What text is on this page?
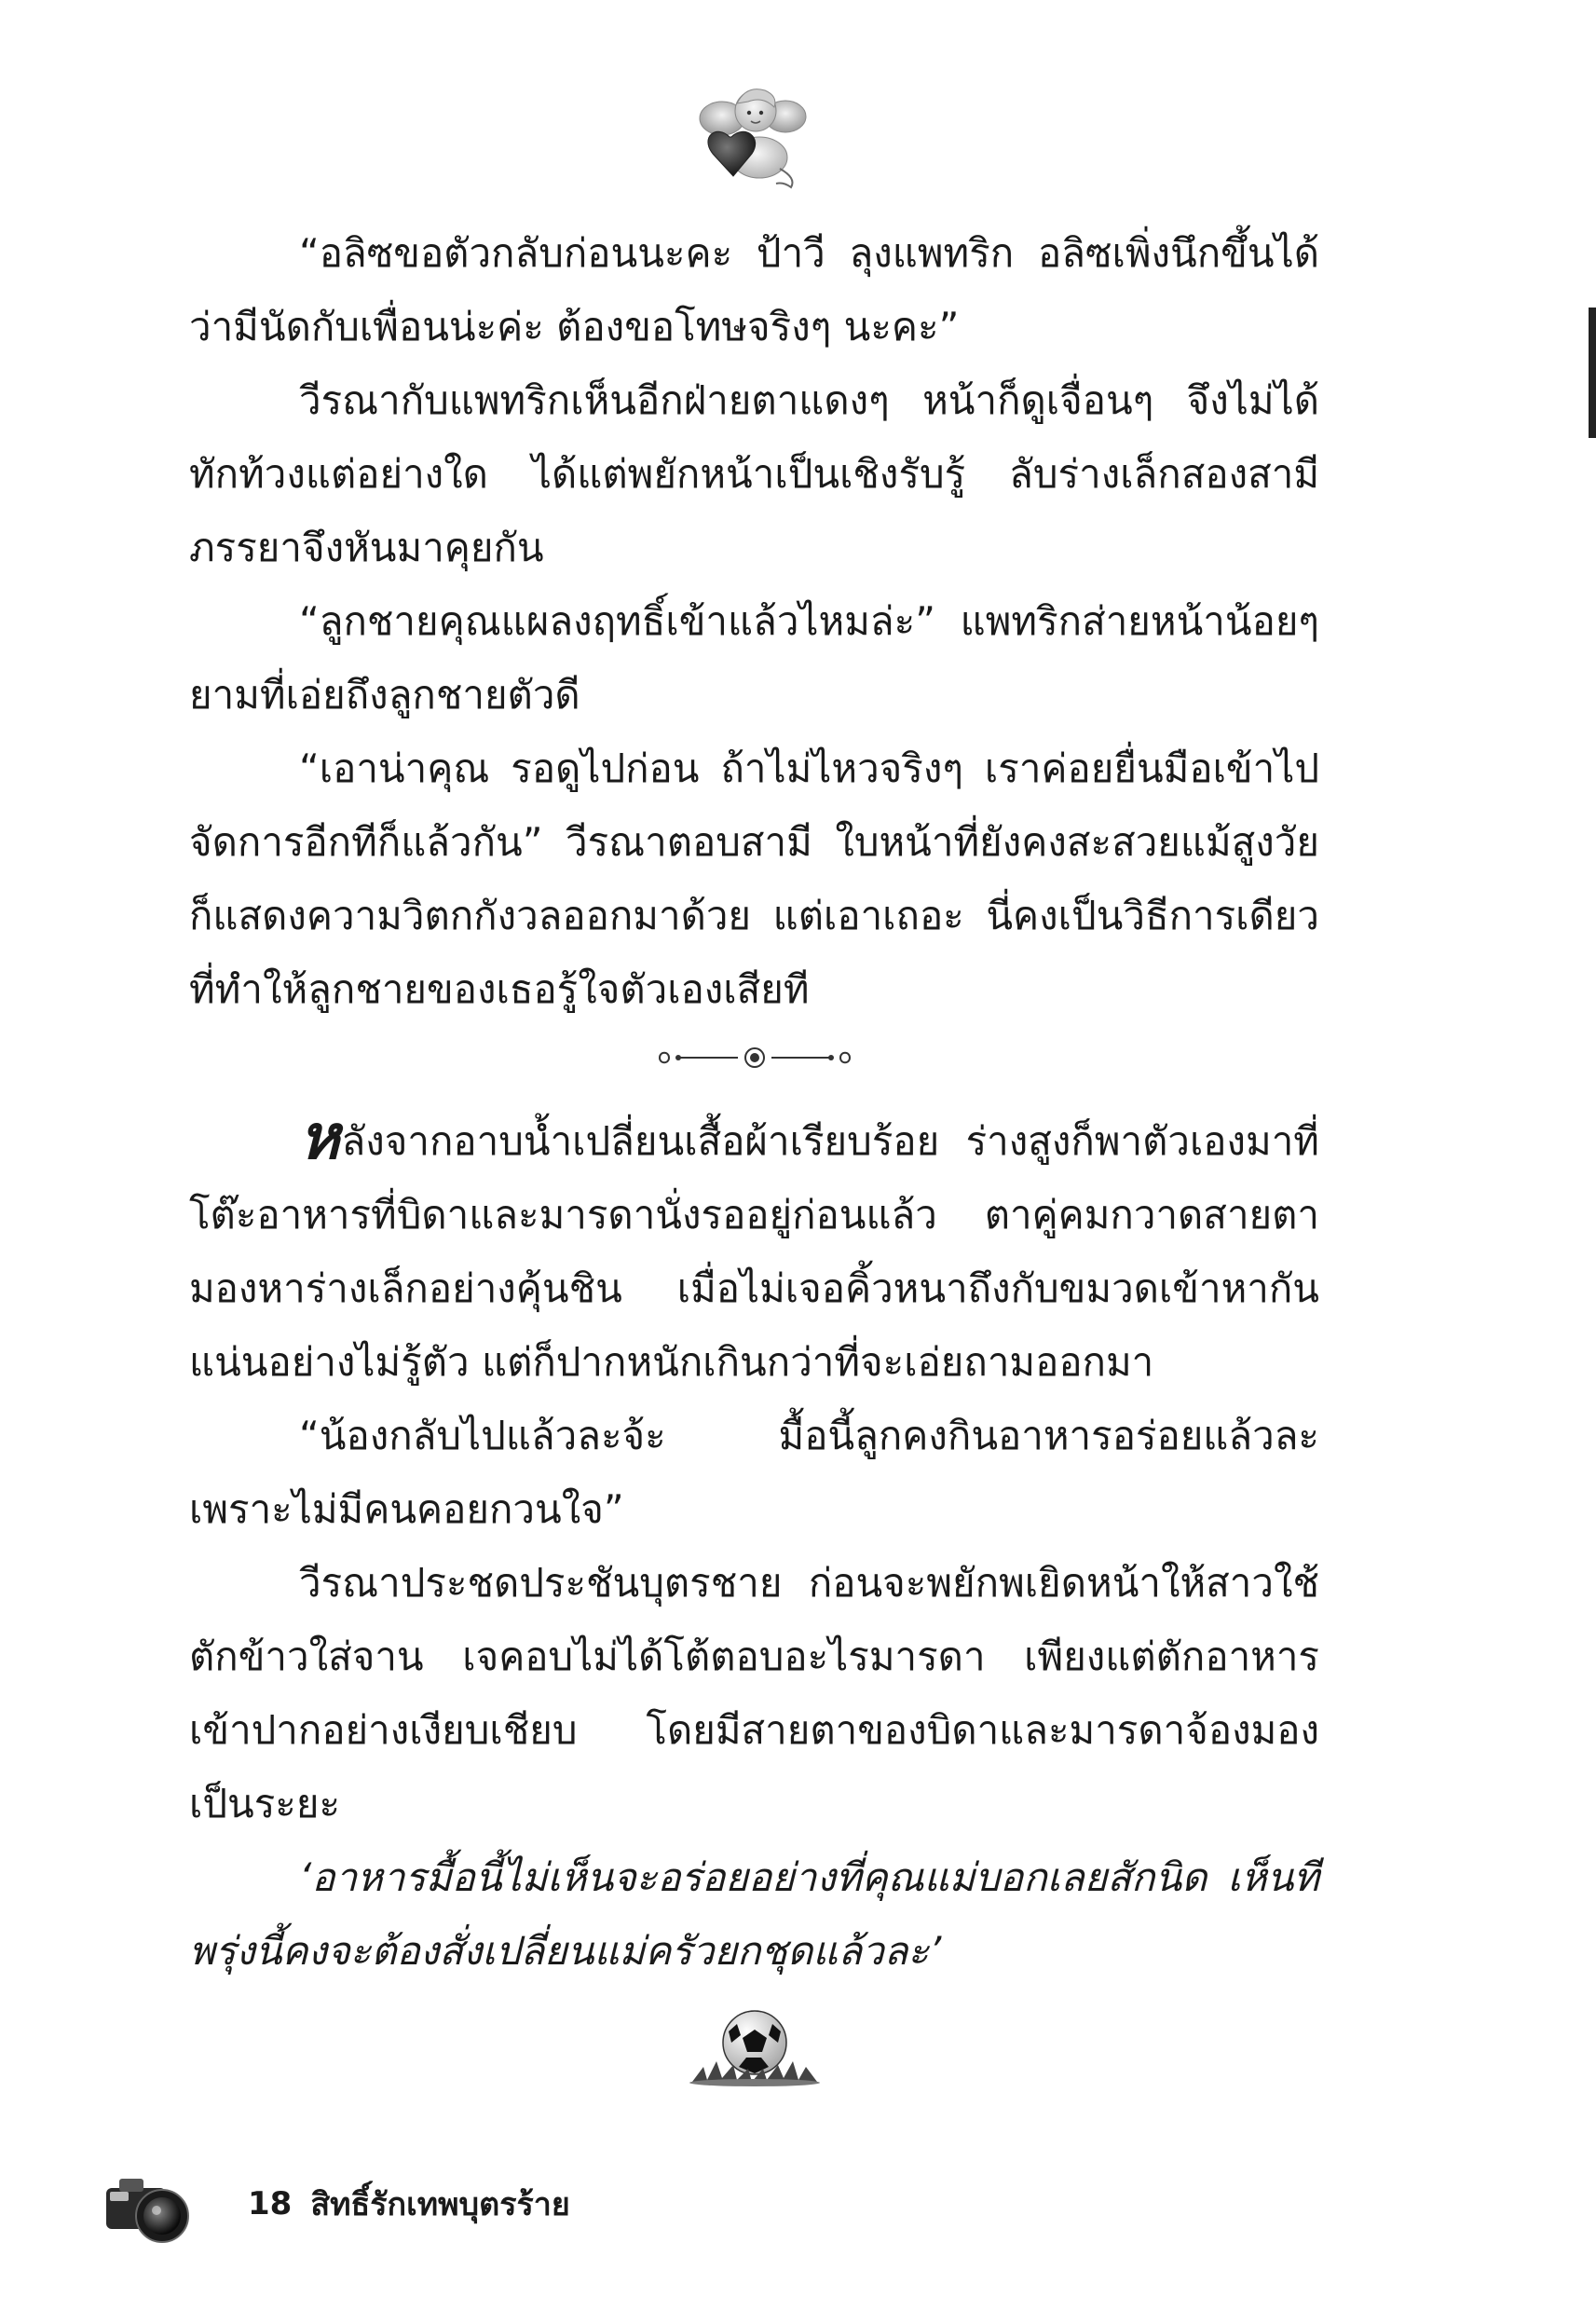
“อลิซขอตัวกลับก่อนนะคะ ป้าวี ลุงแพทริก อลิซเพิ่งนึกขึ้นได้ว่ามีนัดกับเพื่อนน่ะค่ะ ต้องขอโทษจริงๆ นะคะ”

วีรณากับแพทริกเห็นอีกฝ่ายตาแดงๆ หน้าก็ดูเจื่อนๆ จึงไม่ได้ทักท้วงแต่อย่างใด ได้แต่พยักหน้าเป็นเชิงรับรู้ ลับร่างเล็กสองสามีภรรยาจึงหันมาคุยกัน

“ลูกชายคุณแผลงฤทธิ์เข้าแล้วไหมล่ะ” แพทริกส่ายหน้าน้อยๆ ยามที่เอ่ยถึงลูกชายตัวดี

“เอาน่าคุณ รอดูไปก่อน ถ้าไม่ไหวจริงๆ เราค่อยยื่นมือเข้าไปจัดการอีกทีก็แล้วกัน” วีรณาตอบสามี ใบหน้าที่ยังคงสะสวยแม้สูงวัยก็แสดงความวิตกกังวลออกมาด้วย แต่เอาเถอะ นี่คงเป็นวิธีการเดียวที่ทำให้ลูกชายของเธอรู้ใจตัวเองเสียที

หลังจากอาบน้ำเปลี่ยนเสื้อผ้าเรียบร้อย ร่างสูงก็พาตัวเองมาที่โต๊ะอาหารที่บิดาและมารดานั่งรออยู่ก่อนแล้ว ตาคู่คมกวาดสายตามองหาร่างเล็กอย่างคุ้นชิน เมื่อไม่เจอคิ้วหนาถึงกับขมวดเข้าหากันแน่นอย่างไม่รู้ตัว แต่ก็ปากหนักเกินกว่าที่จะเอ่ยถามออกมา

“น้องกลับไปแล้วละจ้ะ มื้อนี้ลูกคงกินอาหารอร่อยแล้วละ เพราะไม่มีคนคอยกวนใจ”

วีรณาประชดประชันบุตรชาย ก่อนจะพยักพเยิดหน้าให้สาวใช้ตักข้าวใส่จาน เจคอบไม่ได้โต้ตอบอะไรมารดา เพียงแต่ตักอาหารเข้าปากอย่างเงียบเชียบ โดยมีสายตาของบิดาและมารดาจ้องมองเป็นระยะ

‘อาหารมื้อนี้ไม่เห็นจะอร่อยอย่างที่คุณแม่บอกเลยสักนิด เห็นทีพรุ่งนี้คงจะต้องสั่งเปลี่ยนแม่ครัวยกชุดแล้วละ’

18 สิทธิ์รักเทพบุตรร้าย
